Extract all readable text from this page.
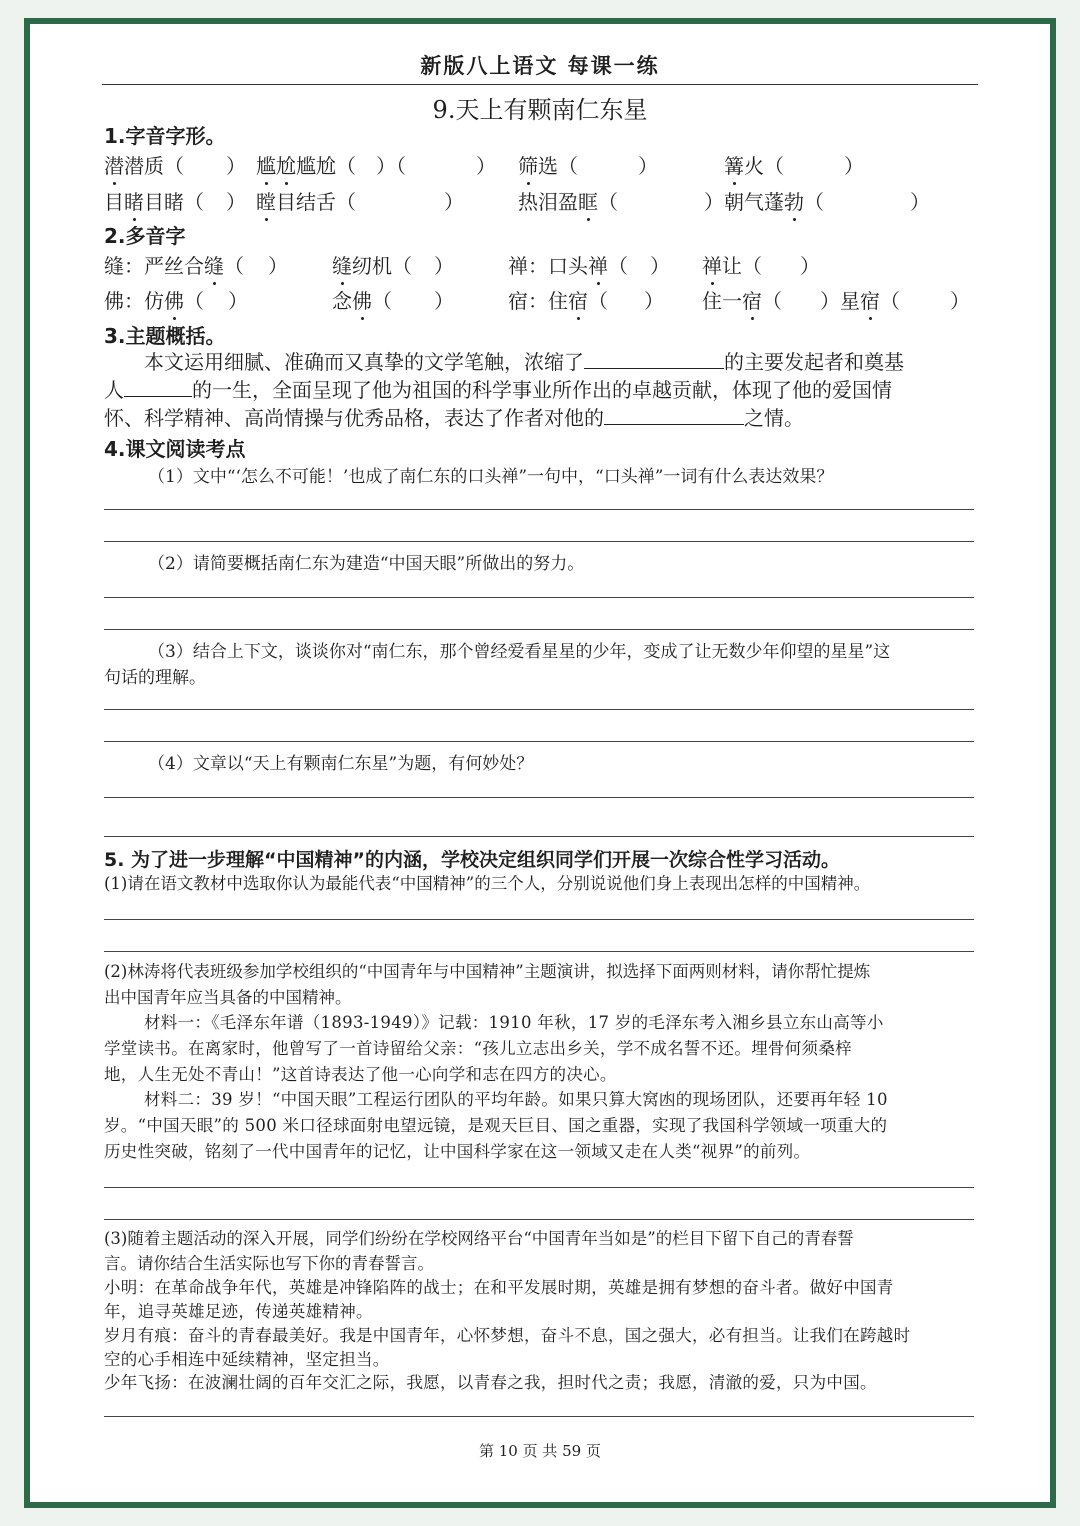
新版八上语文 每课一练
9.天上有颗南仁东星
1.字音字形。
潜潜质（ ） 尴尬尴尬（ ）（	） 筛选（	）	篝火（	）
目睹目睹（ ） 瞠目结舌（	）	热泪盈眶（	）朝气蓬勃（	）
2.多音字
缝：严丝合缝（ ） 缝纫机（ ）	禅：口头禅（ ） 禅让（ ）
佛：仿佛（ ）	念佛（ ）	宿：住宿（ ） 住一宿（ ）星宿（	）
3.主题概括。
本文运用细腻、准确而又真挚的文学笔触，浓缩了	的主要发起者和奠基
人	的一生，全面呈现了他为祖国的科学事业所作出的卓越贡献，体现了他的爱国情
怀、科学精神、高尚情操与优秀品格，表达了作者对他的	之情。
4.课文阅读考点
（1）文中“‘怎么不可能！’也成了南仁东的口头禅”一句中，“口头禅”一词有什么表达效果？
（2）请简要概括南仁东为建造“中国天眼”所做出的努力。
（3）结合上下文，谈谈你对“南仁东，那个曾经爱看星星的少年，变成了让无数少年仰望的星星”这
句话的理解。
（4）文章以“天上有颗南仁东星”为题，有何妙处？
5. 为了进一步理解“中国精神”的内涵，学校决定组织同学们开展一次综合性学习活动。
(1)请在语文教材中选取你认为最能代表“中国精神”的三个人，分别说说他们身上表现出怎样的中国精神。
(2)林涛将代表班级参加学校组织的“中国青年与中国精神”主题演讲，拟选择下面两则材料，请你帮忙提炼
出中国青年应当具备的中国精神。
材料一：《毛泽东年谱（1893-1949）》记载：1910 年秋，17 岁的毛泽东考入湘乡县立东山高等小
学堂读书。在离家时，他曾写了一首诗留给父亲：“孩儿立志出乡关，学不成名誓不还。埋骨何须桑梓
地，人生无处不青山！”这首诗表达了他一心向学和志在四方的决心。
材料二：39 岁！“中国天眼”工程运行团队的平均年龄。如果只算大窝凼的现场团队，还要再年轻 10
岁。“中国天眼”的 500 米口径球面射电望远镜，是观天巨目、国之重器，实现了我国科学领域一项重大的
历史性突破，铭刻了一代中国青年的记忆，让中国科学家在这一领域又走在人类“视界”的前列。
(3)随着主题活动的深入开展，同学们纷纷在学校网络平台“中国青年当如是”的栏目下留下自己的青春誓
言。请你结合生活实际也写下你的青春誓言。
小明：在革命战争年代，英雄是冲锋陷阵的战士；在和平发展时期，英雄是拥有梦想的奋斗者。做好中国青
年，追寻英雄足迹，传递英雄精神。
岁月有痕：奋斗的青春最美好。我是中国青年，心怀梦想，奋斗不息，国之强大，必有担当。让我们在跨越时
空的心手相连中延续精神，坚定担当。
少年飞扬：在波澜壮阔的百年交汇之际，我愿，以青春之我，担时代之责；我愿，清澈的爱，只为中国。
第 10 页 共 59 页
